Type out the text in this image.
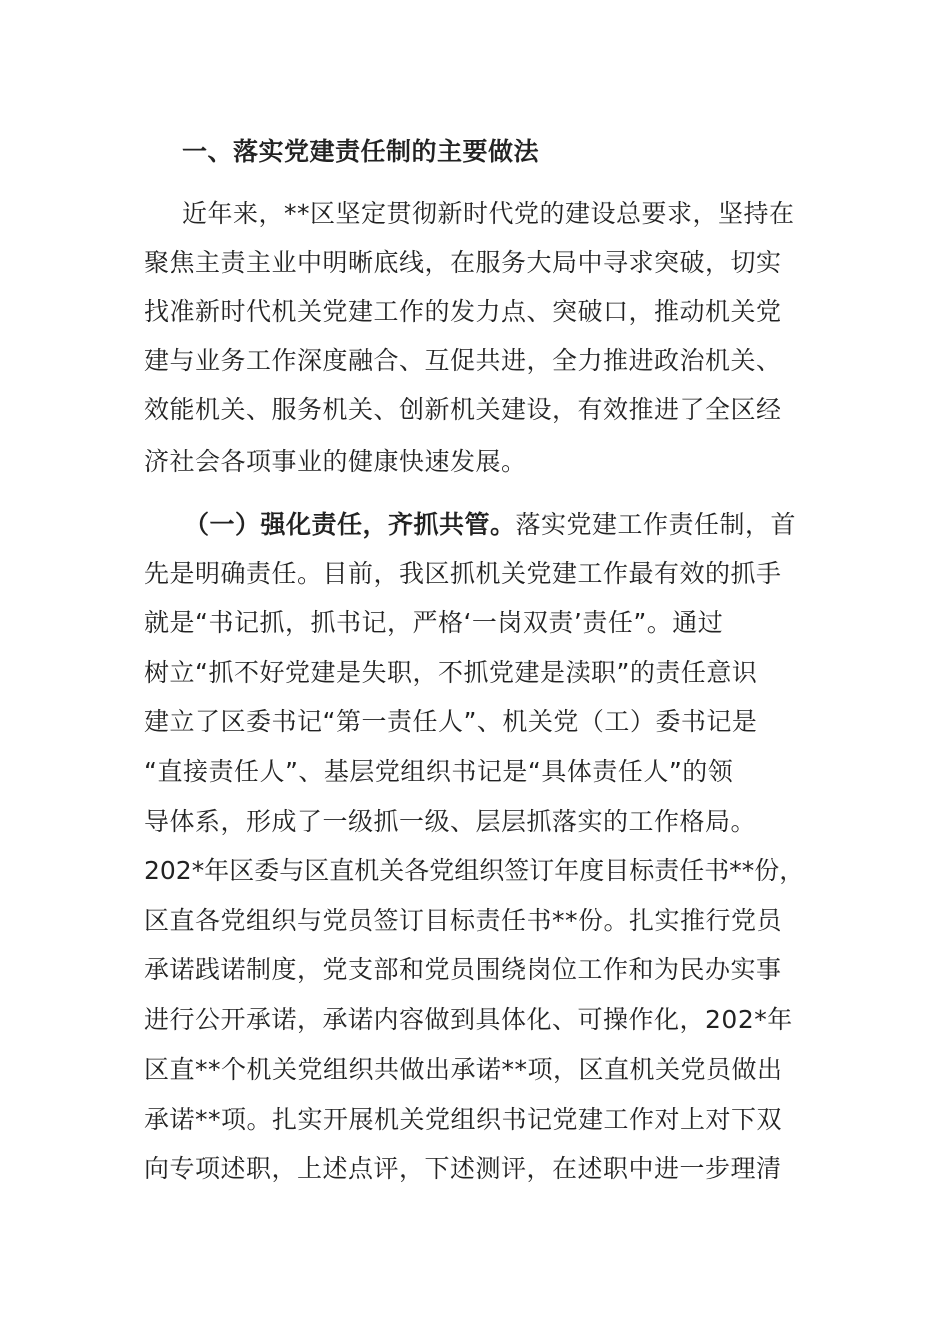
一、落实党建责任制的主要做法
近年来，**区坚定贯彻新时代党的建设总要求，坚持在
聚焦主责主业中明晰底线，在服务大局中寻求突破，切实
找准新时代机关党建工作的发力点、突破口，推动机关党
建与业务工作深度融合、互促共进，全力推进政治机关、
效能机关、服务机关、创新机关建设，有效推进了全区经
济社会各项事业的健康快速发展。
（一）强化责任，齐抓共管。落实党建工作责任制，首
先是明确责任。目前，我区抓机关党建工作最有效的抓手
就是“书记抓，抓书记，严格‘一岗双责’责任”。通过
树立“抓不好党建是失职，不抓党建是渎职”的责任意识
建立了区委书记“第一责任人”、机关党（工）委书记是
“直接责任人”、基层党组织书记是“具体责任人”的领
导体系，形成了一级抓一级、层层抓落实的工作格局。
202*年区委与区直机关各党组织签订年度目标责任书**份，
区直各党组织与党员签订目标责任书**份。扎实推行党员
承诺践诺制度，党支部和党员围绕岗位工作和为民办实事
进行公开承诺，承诺内容做到具体化、可操作化，202*年
区直**个机关党组织共做出承诺**项，区直机关党员做出
承诺**项。扎实开展机关党组织书记党建工作对上对下双
向专项述职，上述点评，下述测评，在述职中进一步理清
